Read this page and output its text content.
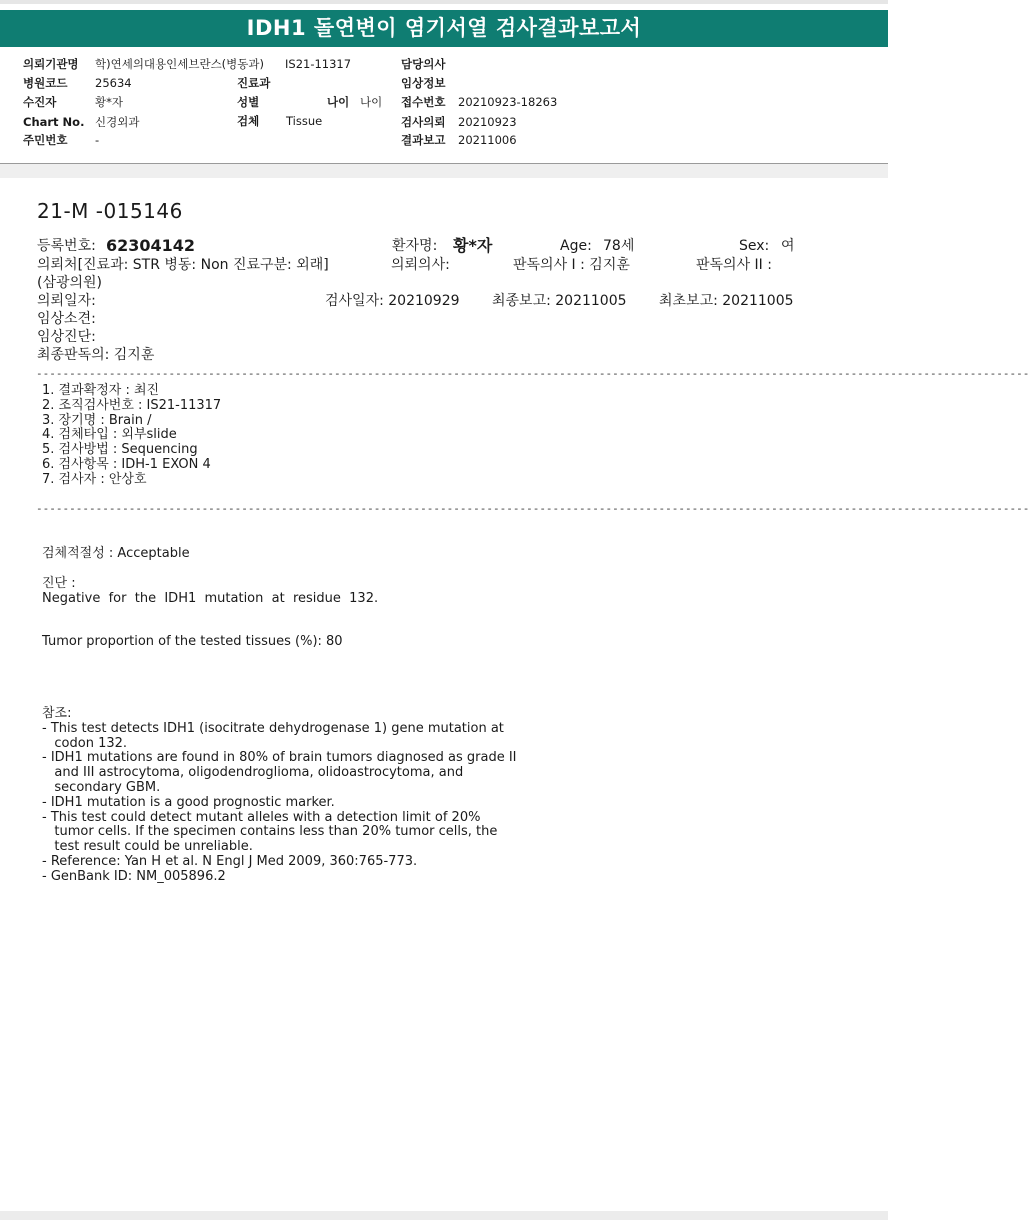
IDH1 돌연변이 염기서열 검사결과보고서
의뢰기관명 학)연세의대용인세브란스(병동과) IS21-11317	담당의사
병원코드 25634	진료과	임상정보
수진자	황*자	성별	나이 나이 접수번호 20210923-18263
Chart No. 신경외과	검체 Tissue	검사의뢰 20210923
주민번호 -	결과보고 20211006
21-M -015146
등록번호: 62304142	환자명: 황*자	Age: 78세	Sex: 여
의뢰처[진료과: STR 병동: Non 진료구분: 외래]	의뢰의사:	판독의사 I : 김지훈	판독의사 II :
(삼광의원)
의뢰일자:	검사일자: 20210929 최종보고: 20211005 최초보고: 20211005
임상소견:
임상진단:
최종판독의: 김지훈
------------------------------------------------------------------------------------------------------------------------------------------------------
1. 결과확정자 : 최진
2. 조직검사번호 : IS21-11317
3. 장기명 : Brain /
4. 검체타입 : 외부slide
5. 검사방법 : Sequencing
6. 검사항목 : IDH-1 EXON 4
7. 검사자 : 안상호
------------------------------------------------------------------------------------------------------------------------------------------------------
검체적절성 : Acceptable
진단 :
Negative  for  the  IDH1  mutation  at  residue  132.
Tumor proportion of the tested tissues (%): 80
참조:
- This test detects IDH1 (isocitrate dehydrogenase 1) gene mutation at
codon 132.
- IDH1 mutations are found in 80% of brain tumors diagnosed as grade II
and III astrocytoma, oligodendroglioma, olidoastrocytoma, and
secondary GBM.
- IDH1 mutation is a good prognostic marker.
- This test could detect mutant alleles with a detection limit of 20%
tumor cells. If the specimen contains less than 20% tumor cells, the
test result could be unreliable.
- Reference: Yan H et al. N Engl J Med 2009, 360:765-773.
- GenBank ID: NM_005896.2
